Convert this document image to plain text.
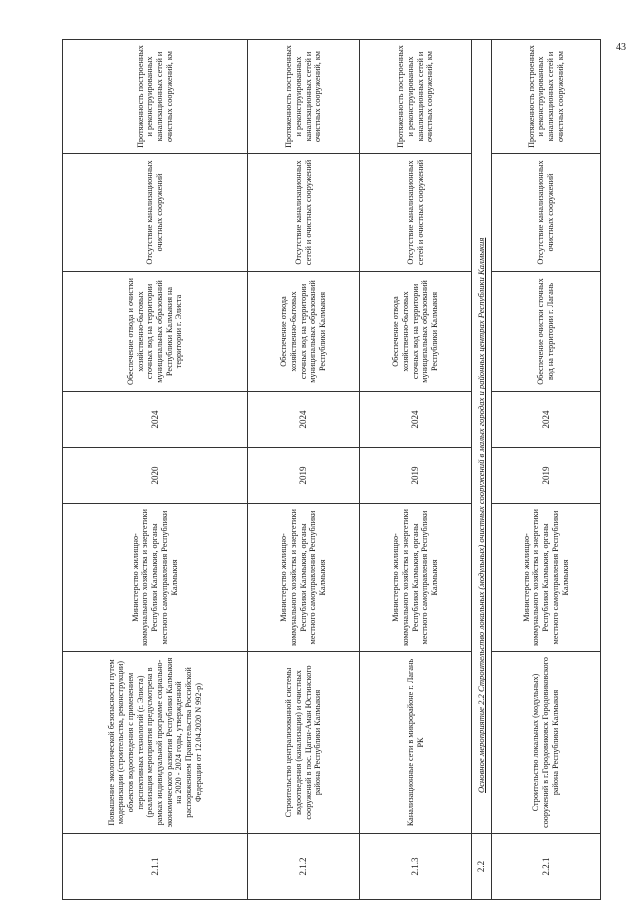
43
2.1.1	Повышение экологической безопасности путем модернизации (строительства, реконструкции) объектов водоотведения с применением перспективных технологий (г. Элиста) (реализация мероприятия предусмотрена в рамках индивидуальной программе социально-экономического развития Республики Калмыкия на 2020 - 2024 годы, утвержденной распоряжением Правительства Российской Федерации от 12.04.2020 N 992-р)	Министерство жилищно-коммунального хозяйства и энергетики Республики Калмыкия, органы местного самоуправления Республики Калмыкия	2020	2024	Обеспечение отвода и очистки хозяйственно-бытовых сточных вод на территории муниципальных образований Республики Калмыкия на территории г. Элиста	Отсутствие канализационных очистных сооружений	Протяженность построенных и реконструированных канализационных сетей и очистных сооружений, км
2.1.2	Строительство централизованной системы водоотведения (канализации) и очистных сооружений в пос. Цаган-Аман Юстинского района Республики Калмыкия	Министерство жилищно-коммунального хозяйства и энергетики Республики Калмыкия, органы местного самоуправления Республики Калмыкия	2019	2024	Обеспечение отвода хозяйственно-бытовых сточных вод на территории муниципальных образований Республики Калмыкия	Отсутствие канализационных сетей и очистных сооружений	Протяженность построенных и реконструированных канализационных сетей и очистных сооружений, км
2.1.3	Канализационные сети в микрорайоне г. Лагань РК	Министерство жилищно-коммунального хозяйства и энергетики Республики Калмыкия, органы местного самоуправления Республики Калмыкия	2019	2024	Обеспечение отвода хозяйственно-бытовых сточных вод на территории муниципальных образований Республики Калмыкия	Отсутствие канализационных сетей и очистных сооружений	Протяженность построенных и реконструированных канализационных сетей и очистных сооружений, км
2.2	Основное мероприятие 2.2 Строительство локальных (модульных) очистных сооружений в малых городах и районных центрах Республики Калмыкия						
2.2.1	Строительство локальных (модульных) сооружений в г.Городовиковск Городовиковского района Республики Калмыкия	Министерство жилищно-коммунального хозяйства и энергетики Республики Калмыкия, органы местного самоуправления Республики Калмыкия	2019	2024	Обеспечение очистки сточных вод на территории г. Лагань	Отсутствие канализационных очистных сооружений	Протяженность построенных и реконструированных канализационных сетей и очистных сооружений, км
